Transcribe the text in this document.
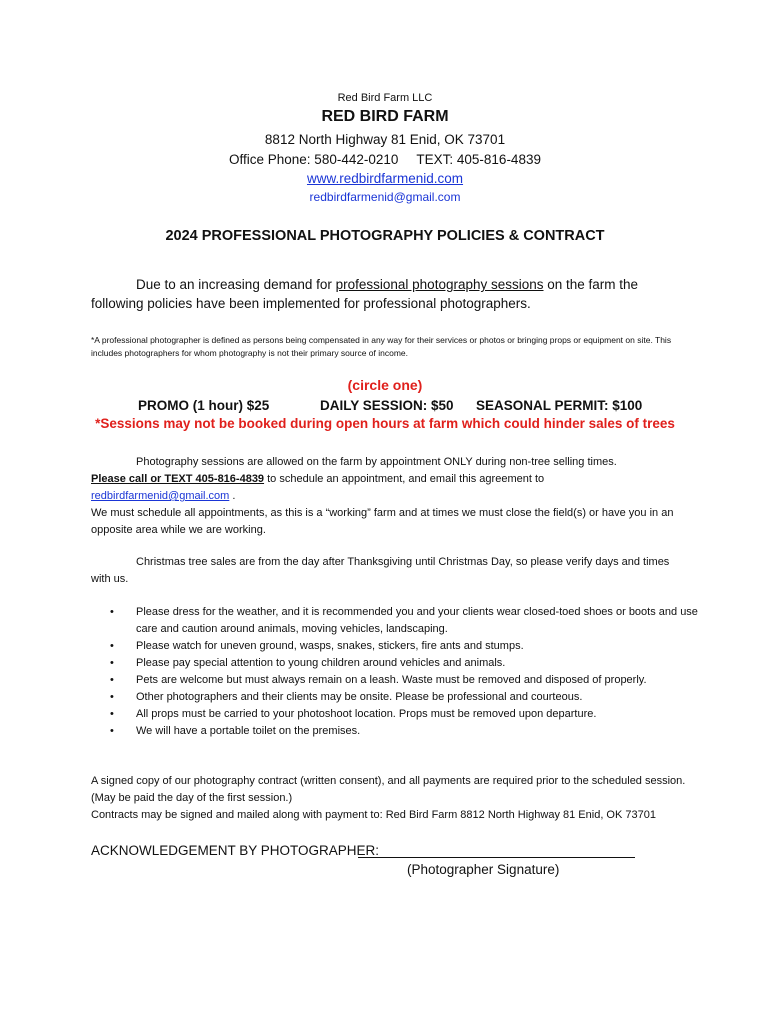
Red Bird Farm LLC
RED BIRD FARM
8812 North Highway 81 Enid, OK 73701
Office Phone: 580-442-0210 TEXT: 405-816-4839
www.redbirdfarmenid.com
redbirdfarmenid@gmail.com
2024 PROFESSIONAL PHOTOGRAPHY POLICIES & CONTRACT
Due to an increasing demand for professional photography sessions on the farm the following policies have been implemented for professional photographers.
*A professional photographer is defined as persons being compensated in any way for their services or photos or bringing props or equipment on site. This includes photographers for whom photography is not their primary source of income.
(circle one)
PROMO (1 hour) $25	DAILY SESSION: $50 SEASONAL PERMIT: $100
*Sessions may not be booked during open hours at farm which could hinder sales of trees
Photography sessions are allowed on the farm by appointment ONLY during non-tree selling times.
Please call or TEXT 405-816-4839 to schedule an appointment, and email this agreement to
redbirdfarmenid@gmail.com .
We must schedule all appointments, as this is a “working” farm and at times we must close the field(s) or have you in an opposite area while we are working.
Christmas tree sales are from the day after Thanksgiving until Christmas Day, so please verify days and times with us.
• Please dress for the weather, and it is recommended you and your clients wear closed-toed shoes or boots and use care and caution around animals, moving vehicles, landscaping.
• Please watch for uneven ground, wasps, snakes, stickers, fire ants and stumps.
• Please pay special attention to young children around vehicles and animals.
• Pets are welcome but must always remain on a leash. Waste must be removed and disposed of properly.
• Other photographers and their clients may be onsite. Please be professional and courteous.
• All props must be carried to your photoshoot location. Props must be removed upon departure.
• We will have a portable toilet on the premises.
A signed copy of our photography contract (written consent), and all payments are required prior to the scheduled session. (May be paid the day of the first session.)
Contracts may be signed and mailed along with payment to: Red Bird Farm 8812 North Highway 81 Enid, OK 73701
ACKNOWLEDGEMENT BY PHOTOGRAPHER:
(Photographer Signature)
